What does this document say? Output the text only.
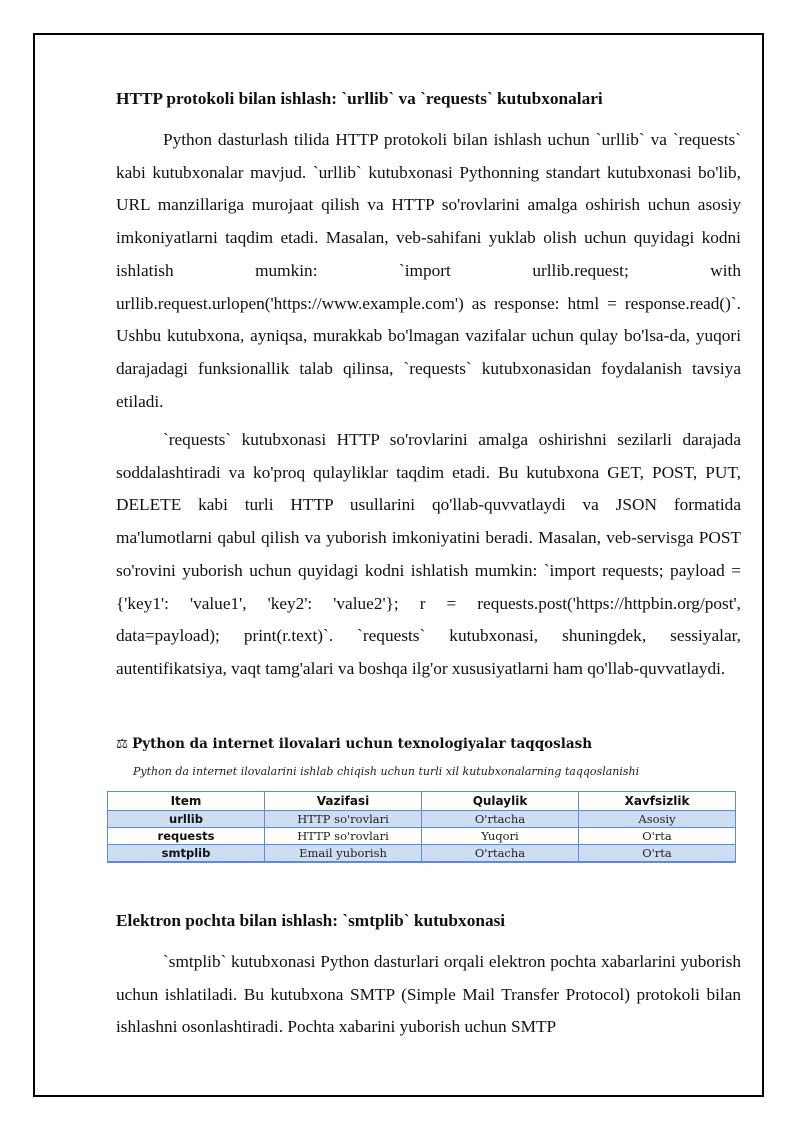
HTTP protokoli bilan ishlash: `urllib` va `requests` kutubxonalari

Python dasturlash tilida HTTP protokoli bilan ishlash uchun `urllib` va `requests` kabi kutubxonalar mavjud. `urllib` kutubxonasi Pythonning standart kutubxonasi bo'lib, URL manzillariga murojaat qilish va HTTP so'rovlarini amalga oshirish uchun asosiy imkoniyatlarni taqdim etadi. Masalan, veb-sahifani yuklab olish uchun quyidagi kodni ishlatish mumkin: `import urllib.request; with urllib.request.urlopen('https://www.example.com') as response: html = response.read()`. Ushbu kutubxona, ayniqsa, murakkab bo'lmagan vazifalar uchun qulay bo'lsa-da, yuqori darajadagi funksionallik talab qilinsa, `requests` kutubxonasidan foydalanish tavsiya etiladi.

`requests` kutubxonasi HTTP so'rovlarini amalga oshirishni sezilarli darajada soddalashtiradi va ko'proq qulayliklar taqdim etadi. Bu kutubxona GET, POST, PUT, DELETE kabi turli HTTP usullarini qo'llab-quvvatlaydi va JSON formatida ma'lumotlarni qabul qilish va yuborish imkoniyatini beradi. Masalan, veb-servisga POST so'rovini yuborish uchun quyidagi kodni ishlatish mumkin: `import requests; payload = {'key1': 'value1', 'key2': 'value2'}; r = requests.post('https://httpbin.org/post', data=payload); print(r.text)`. `requests` kutubxonasi, shuningdek, sessiyalar, autentifikatsiya, vaqt tamg'alari va boshqa ilg'or xususiyatlarni ham qo'llab-quvvatlaydi.

⚖ Python da internet ilovalari uchun texnologiyalar taqqoslash

Python da internet ilovalarini ishlab chiqish uchun turli xil kutubxonalarning taqqoslanishi

Item	Vazifasi	Qulaylik	Xavfsizlik
urllib	HTTP so'rovlari	O'rtacha	Asosiy
requests	HTTP so'rovlari	Yuqori	O'rta
smtplib	Email yuborish	O'rtacha	O'rta
Elektron pochta bilan ishlash: `smtplib` kutubxonasi

`smtplib` kutubxonasi Python dasturlari orqali elektron pochta xabarlarini yuborish uchun ishlatiladi. Bu kutubxona SMTP (Simple Mail Transfer Protocol) protokoli bilan ishlashni osonlashtiradi. Pochta xabarini yuborish uchun SMTP
